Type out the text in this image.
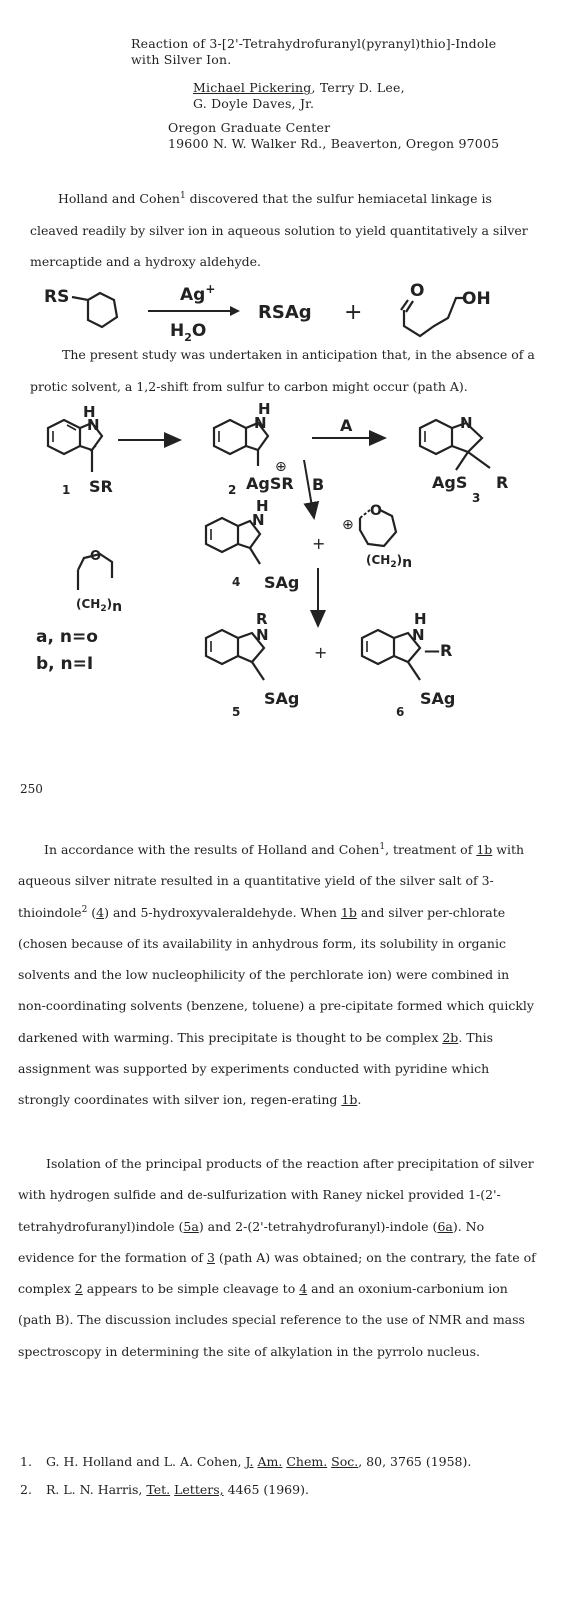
Reaction of 3-[2'-Tetrahydrofuranyl(pyranyl)thio]-Indole
with Silver Ion.
Michael Pickering, Terry D. Lee,
G. Doyle Daves, Jr.
Oregon Graduate Center
19600 N. W. Walker Rd., Beaverton, Oregon 97005
Holland and Cohen$^1$ discovered that the sulfur hemiacetal linkage is cleaved readily by silver ion in aqueous solution to yield quantitatively a silver mercaptide and a hydroxy aldehyde.
RS	Ag+
$H_2O$
RSAg +
O OH
The present study was undertaken in anticipation that, in the absence of a protic solvent, a 1,2-shift from sulfur to carbon might occur (path A).
H
N
SR
1
H
N
⊕
AgSR
2
A	N
AgS R
3
B
H
N
SAg
4
+
⊕
O
$(CH_2)n$
O
$(CH_2)n$
a, n=o
b, n=I
R
N
SAg
5
+
H
N
—R
SAg
6
250
In accordance with the results of Holland and Cohen$^1$, treatment of 1b with aqueous silver nitrate resulted in a quantitative yield of the silver salt of 3-thioindole$^2$ (4) and 5-hydroxyvaleraldehyde. When 1b and silver per-chlorate (chosen because of its availability in anhydrous form, its solubility in organic solvents and the low nucleophilicity of the perchlorate ion) were combined in non-coordinating solvents (benzene, toluene) a pre-cipitate formed which quickly darkened with warming. This precipitate is thought to be complex 2b. This assignment was supported by experiments conducted with pyridine which strongly coordinates with silver ion, regen-erating 1b.
Isolation of the principal products of the reaction after precipitation of silver with hydrogen sulfide and de-sulfurization with Raney nickel provided 1-(2'-tetrahydrofuranyl)indole (5a) and 2-(2'-tetrahydrofuranyl)-indole (6a). No evidence for the formation of 3 (path A) was obtained; on the contrary, the fate of complex 2 appears to be simple cleavage to 4 and an oxonium-carbonium ion (path B). The discussion includes special reference to the use of NMR and mass spectroscopy in determining the site of alkylation in the pyrrolo nucleus.
1.	G. H. Holland and L. A. Cohen, J. Am. Chem. Soc., 80, 3765 (1958).
2.	R. L. N. Harris, Tet. Letters, 4465 (1969).
